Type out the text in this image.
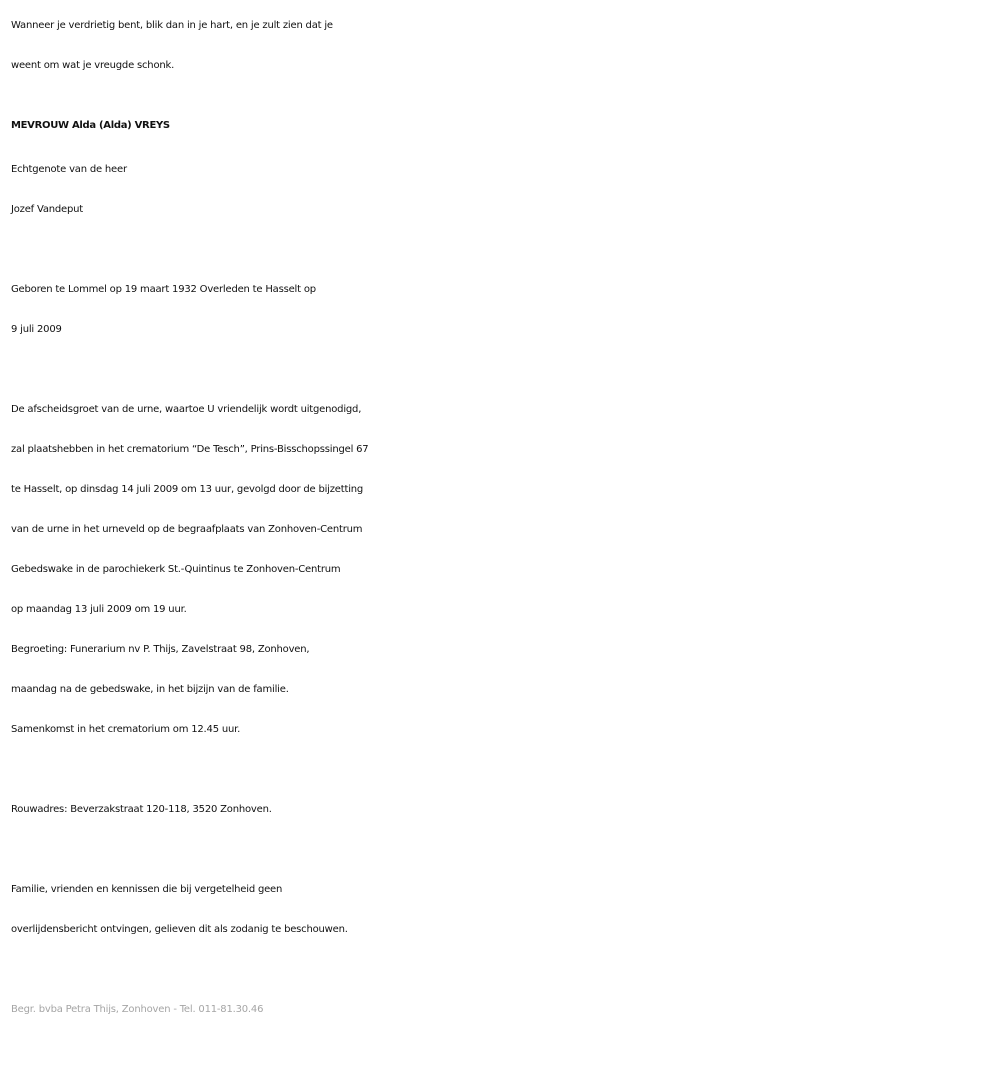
Wanneer je verdrietig bent, blik dan in je hart, en je zult zien dat je
weent om wat je vreugde schonk.
MEVROUW Alda (Alda) VREYS
Echtgenote van de heer
Jozef Vandeput
Geboren te Lommel op 19 maart 1932 Overleden te Hasselt op
9 juli 2009
De afscheidsgroet van de urne, waartoe U vriendelijk wordt uitgenodigd,
zal plaatshebben in het crematorium “De Tesch”, Prins-Bisschopssingel 67
te Hasselt, op dinsdag 14 juli 2009 om 13 uur, gevolgd door de bijzetting
van de urne in het urneveld op de begraafplaats van Zonhoven-Centrum
Gebedswake in de parochiekerk St.-Quintinus te Zonhoven-Centrum
op maandag 13 juli 2009 om 19 uur.
Begroeting: Funerarium nv P. Thijs, Zavelstraat 98, Zonhoven,
maandag na de gebedswake, in het bijzijn van de familie.
Samenkomst in het crematorium om 12.45 uur.
Rouwadres: Beverzakstraat 120-118, 3520 Zonhoven.
Familie, vrienden en kennissen die bij vergetelheid geen
overlijdensbericht ontvingen, gelieven dit als zodanig te beschouwen.
Begr. bvba Petra Thijs, Zonhoven - Tel. 011-81.30.46
